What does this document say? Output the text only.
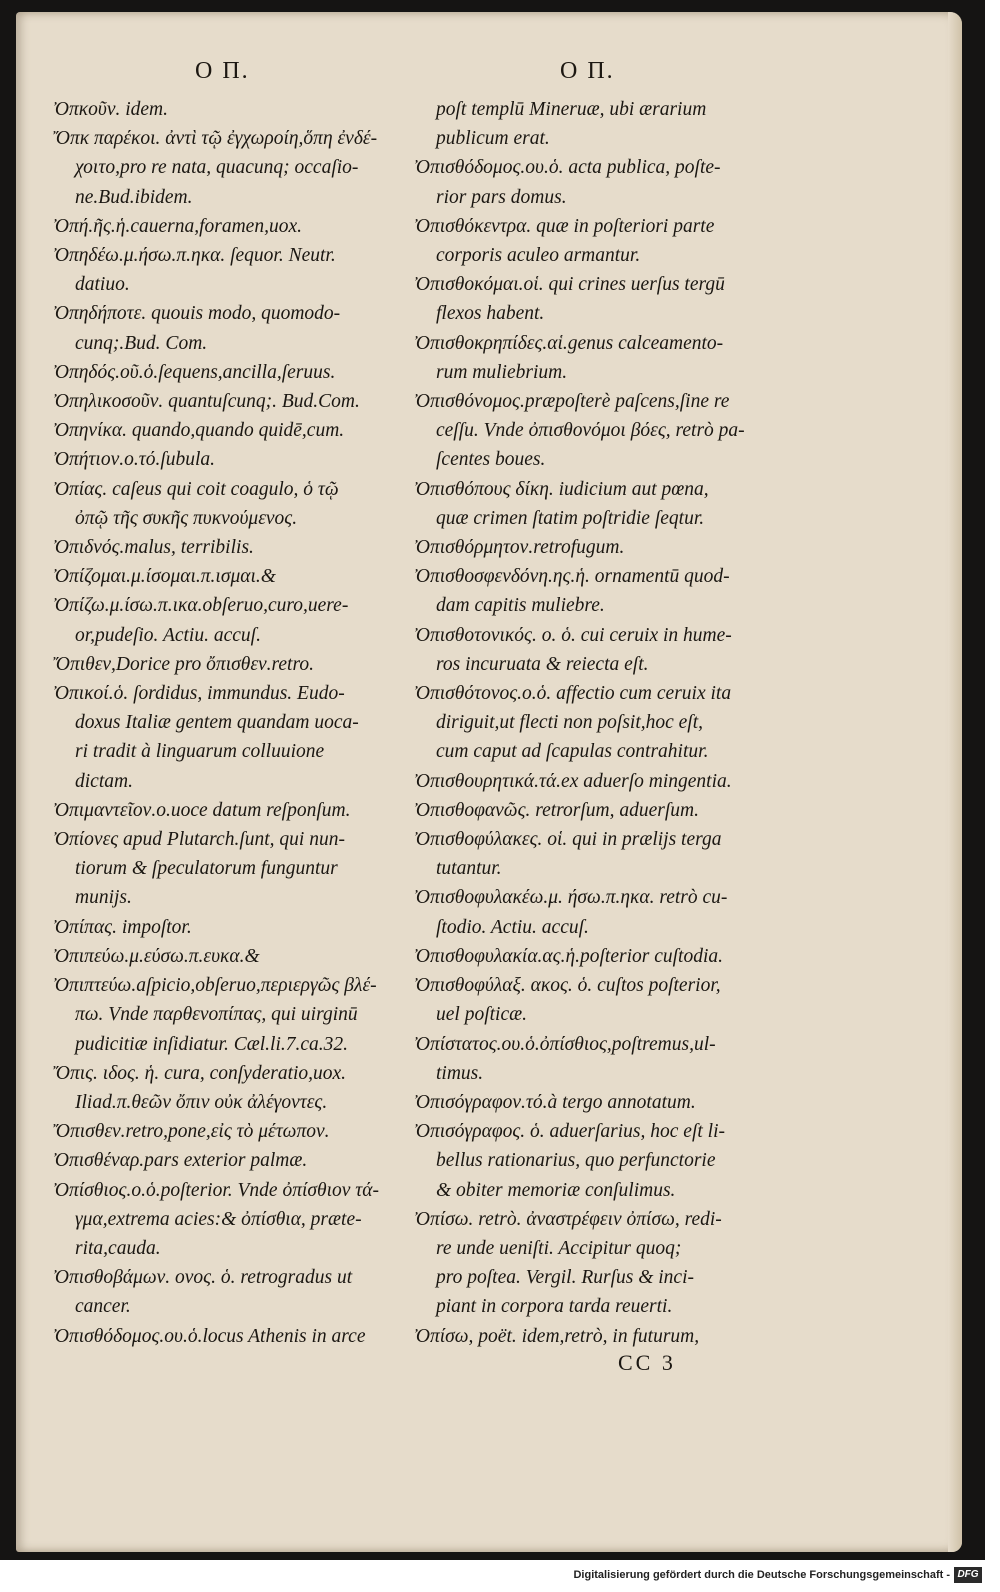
O Π.	O Π.

Ὀπκοῦν. idem.

Ὄπκ παρέκοι. ἀντὶ τῷ ἐγχωροίη,ὅπη ἐνδέ-

χοιτο,pro re nata, quacunq; occaſio-

ne.Bud.ibidem.

Ὀπή.ῆς.ἡ.cauerna,foramen,uox.

Ὀπηδέω.μ.ήσω.π.ηκα. ſequor. Neutr.

datiuo.

Ὀπηδήποτε. quouis modo, quomodo-

cunq;.Bud. Com.

Ὀπηδός.οῦ.ὁ.ſequens,ancilla,ſeruus.

Ὀπηλικοσοῦν. quantuſcunq;. Bud.Com.

Ὀπηνίκα. quando,quando quidē,cum.

Ὀπήτιον.ο.τό.ſubula.

Ὀπίας. caſeus qui coit coagulo, ὁ τῷ

ὀπῷ τῆς συκῆς πυκνούμενος.

Ὀπιδνός.malus, terribilis.

Ὀπίζομαι.μ.ίσομαι.π.ισμαι.&

Ὀπίζω.μ.ίσω.π.ικα.obſeruo,curo,uere-

or,pudeſio. Actiu. accuſ.

Ὄπιθεν,Dorice pro ὄπισθεν.retro.

Ὀπικοί.ὁ. ſordidus, immundus. Eudo-

doxus Italiæ gentem quandam uoca-

ri tradit à linguarum colluuione

dictam.

Ὀπιμαντεῖον.ο.uoce datum reſponſum.

Ὀπίονες apud Plutarch.ſunt, qui nun-

tiorum & ſpeculatorum funguntur

munijs.

Ὀπίπας. impoſtor.

Ὀπιπεύω.μ.εύσω.π.ευκα.&

Ὀπιπτεύω.aſpicio,obſeruo,περιεργῶς βλέ-

πω. Vnde παρθενοπίπας, qui uirginū

pudicitiæ inſidiatur. Cæl.li.7.ca.32.

Ὄπις. ιδος. ἡ. cura, conſyderatio,uox.

Iliad.π.θεῶν ὄπιν οὐκ ἀλέγοντες.

Ὄπισθεν.retro,pone,εἰς τὸ μέτωπον.

Ὀπισθέναρ.pars exterior palmæ.

Ὀπίσθιος.ο.ὁ.poſterior. Vnde ὀπίσθιον τά-

γμα,extrema acies:& ὀπίσθια, præte-

rita,cauda.

Ὀπισθοβάμων. ονος. ὁ. retrogradus ut

cancer.

Ὀπισθόδομος.ου.ὁ.locus Athenis in arce

poſt templū Mineruæ, ubi ærarium

publicum erat.

Ὀπισθόδομος.ου.ὁ. acta publica, poſte-

rior pars domus.

Ὀπισθόκεντρα. quæ in poſteriori parte

corporis aculeo armantur.

Ὀπισθοκόμαι.οἱ. qui crines uerſus tergū

flexos habent.

Ὀπισθοκρηπίδες.αἱ.genus calceamento-

rum muliebrium.

Ὀπισθόνομος.præpoſterè paſcens,ſine re

ceſſu. Vnde ὀπισθονόμοι βόες, retrò pa-

ſcentes boues.

Ὀπισθόπους δίκη. iudicium aut pœna,

quæ crimen ſtatim poſtridie ſeqtur.

Ὀπισθόρμητον.retrofugum.

Ὀπισθοσφενδόνη.ης.ἡ. ornamentū quod-

dam capitis muliebre.

Ὀπισθοτονικός. ο. ὁ. cui ceruix in hume-

ros incuruata & reiecta eſt.

Ὀπισθότονος.ο.ὁ. affectio cum ceruix ita

diriguit,ut flecti non poſsit,hoc eſt,

cum caput ad ſcapulas contrahitur.

Ὀπισθουρητικά.τά.ex aduerſo mingentia.

Ὀπισθοφανῶς. retrorſum, aduerſum.

Ὀπισθοφύλακες. οἱ. qui in prælijs terga

tutantur.

Ὀπισθοφυλακέω.μ. ήσω.π.ηκα. retrò cu-

ſtodio. Actiu. accuſ.

Ὀπισθοφυλακία.ας.ἡ.poſterior cuſtodia.

Ὀπισθοφύλαξ. ακος. ὁ. cuſtos poſterior,

uel poſticæ.

Ὀπίστατος.ου.ὁ.ὀπίσθιος,poſtremus,ul-

timus.

Ὀπισόγραφον.τό.à tergo annotatum.

Ὀπισόγραφος. ὁ. aduerſarius, hoc eſt li-

bellus rationarius, quo perfunctorie

& obiter memoriæ conſulimus.

Ὀπίσω. retrò. ἀναστρέφειν ὀπίσω, redi-

re unde ueniſti. Accipitur quoq;

pro poſtea. Vergil. Rurſus & inci-

piant in corpora tarda reuerti.

Ὀπίσω, poët. idem,retrò, in futurum,

CC 3
Digitalisierung gefördert durch die Deutsche Forschungsgemeinschaft - DFG
